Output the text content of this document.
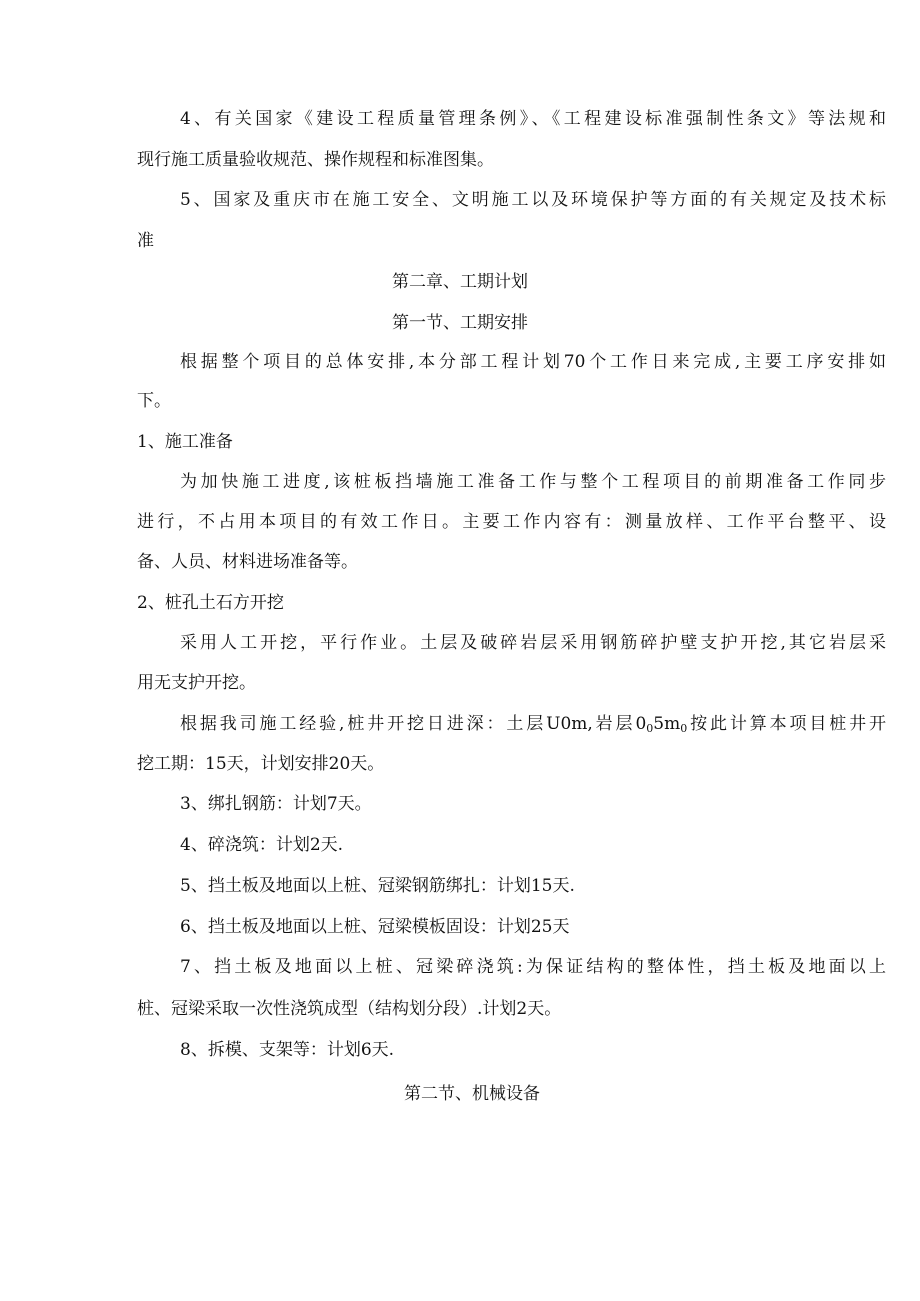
4、有关国家《建设工程质量管理条例》、《工程建设标准强制性条文》等法规和
现行施工质量验收规范、操作规程和标准图集。
5、国家及重庆市在施工安全、文明施工以及环境保护等方面的有关规定及技术标
准
第二章、工期计划
第一节、工期安排
根据整个项目的总体安排,本分部工程计划70个工作日来完成,主要工序安排如
下。
1、施工准备
为加快施工进度,该桩板挡墙施工准备工作与整个工程项目的前期准备工作同步
进行，不占用本项目的有效工作日。主要工作内容有：测量放样、工作平台整平、设
备、人员、材料进场准备等。
2、桩孔土石方开挖
采用人工开挖，平行作业。土层及破碎岩层采用钢筋碎护壁支护开挖,其它岩层采
用无支护开挖。
根据我司施工经验,桩井开挖日进深：土层U0m,岩层$0_05m_0$按此计算本项目桩井开
挖工期：15天，计划安排20天。
3、绑扎钢筋：计划7天。
4、碎浇筑：计划2天.
5、挡土板及地面以上桩、冠梁钢筋绑扎：计划15天.
6、挡土板及地面以上桩、冠梁模板固设：计划25天
7、挡土板及地面以上桩、冠梁碎浇筑:为保证结构的整体性，挡土板及地面以上
桩、冠梁采取一次性浇筑成型（结构划分段）.计划2天。
8、拆模、支架等：计划6天.
第二节、机械设备
